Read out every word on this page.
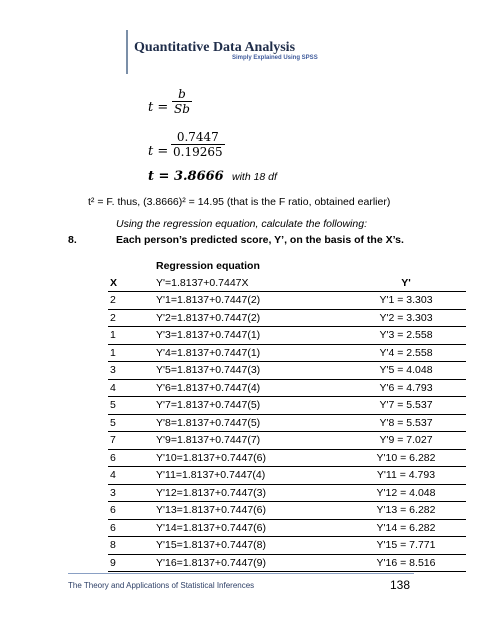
Quantitative Data Analysis
Simply Explained Using SPSS
$t = \frac{b}{Sb}$
$t = \frac{0.7447}{0.19265}$
t = 3.8666 with 18 df
t² = F. thus, (3.8666)² = 14.95 (that is the F ratio, obtained earlier)
Using the regression equation, calculate the following:
8.	Each person’s predicted score, Y’, on the basis of the X’s.
	Regression equation	
X	Y'=1.8137+0.7447X	Y'
2	Y'1=1.8137+0.7447(2)	Y'1 = 3.303
2	Y'2=1.8137+0.7447(2)	Y'2 = 3.303
1	Y'3=1.8137+0.7447(1)	Y'3 = 2.558
1	Y'4=1.8137+0.7447(1)	Y'4 = 2.558
3	Y'5=1.8137+0.7447(3)	Y'5 = 4.048
4	Y'6=1.8137+0.7447(4)	Y'6 = 4.793
5	Y'7=1.8137+0.7447(5)	Y'7 = 5.537
5	Y'8=1.8137+0.7447(5)	Y'8 = 5.537
7	Y'9=1.8137+0.7447(7)	Y'9 = 7.027
6	Y'10=1.8137+0.7447(6)	Y'10 = 6.282
4	Y'11=1.8137+0.7447(4)	Y'11 = 4.793
3	Y'12=1.8137+0.7447(3)	Y'12 = 4.048
6	Y'13=1.8137+0.7447(6)	Y'13 = 6.282
6	Y'14=1.8137+0.7447(6)	Y'14 = 6.282
8	Y'15=1.8137+0.7447(8)	Y'15 = 7.771
9	Y'16=1.8137+0.7447(9)	Y'16 = 8.516
The Theory and Applications of Statistical Inferences	138
